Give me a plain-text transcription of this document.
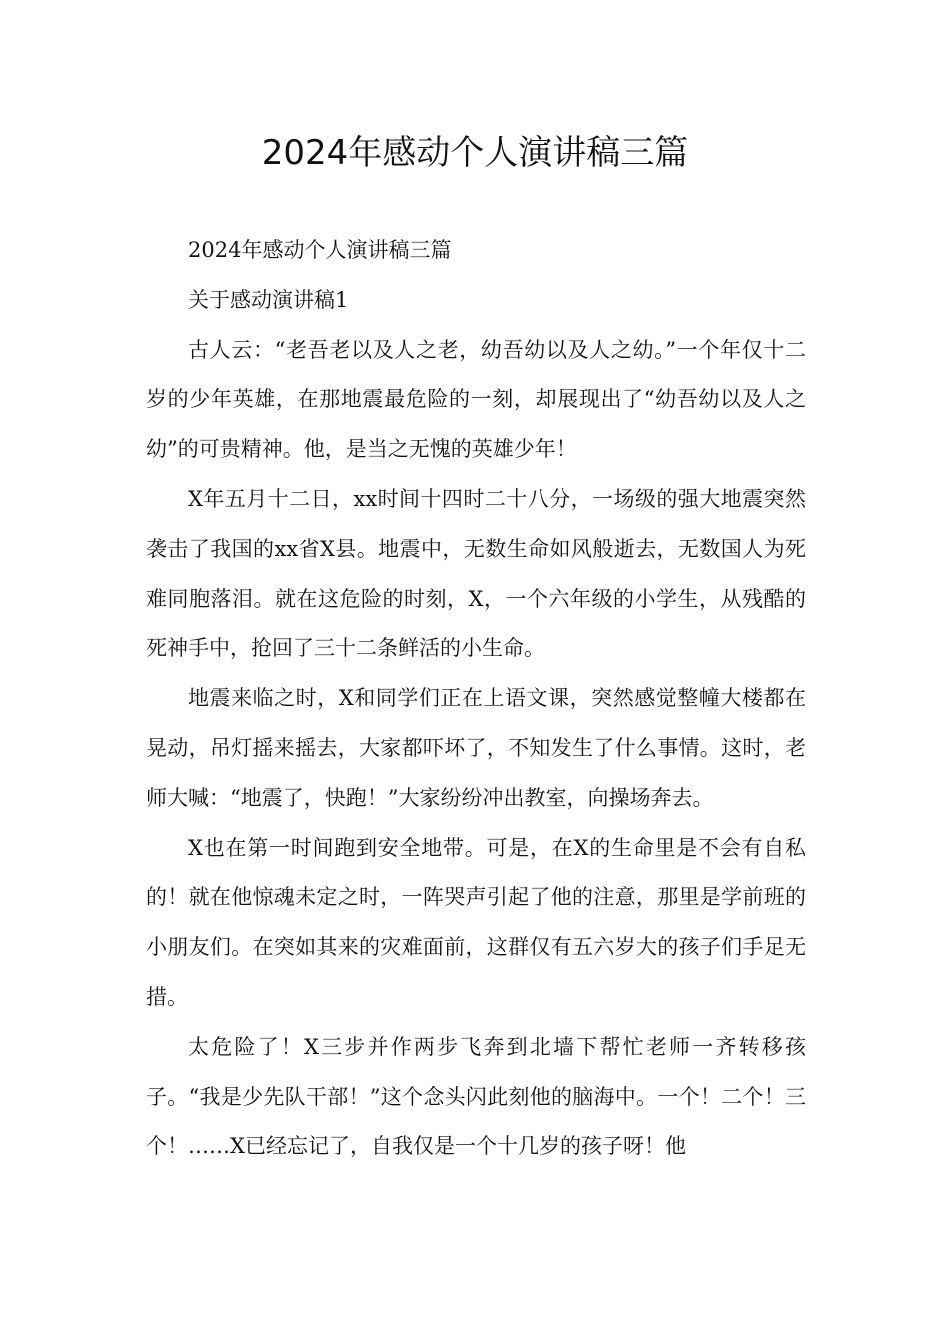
2024年感动个人演讲稿三篇

2024年感动个人演讲稿三篇

关于感动演讲稿1

古人云：“老吾老以及人之老，幼吾幼以及人之幼。”一个年仅十二岁的少年英雄，在那地震最危险的一刻，却展现出了“幼吾幼以及人之幼”的可贵精神。他，是当之无愧的英雄少年！

X年五月十二日，xx时间十四时二十八分，一场级的强大地震突然袭击了我国的xx省X县。地震中，无数生命如风般逝去，无数国人为死难同胞落泪。就在这危险的时刻，X，一个六年级的小学生，从残酷的死神手中，抢回了三十二条鲜活的小生命。

地震来临之时，X和同学们正在上语文课，突然感觉整幢大楼都在晃动，吊灯摇来摇去，大家都吓坏了，不知发生了什么事情。这时，老师大喊：“地震了，快跑！”大家纷纷冲出教室，向操场奔去。

X也在第一时间跑到安全地带。可是，在X的生命里是不会有自私的！就在他惊魂未定之时，一阵哭声引起了他的注意，那里是学前班的小朋友们。在突如其来的灾难面前，这群仅有五六岁大的孩子们手足无措。

太危险了！X三步并作两步飞奔到北墙下帮忙老师一齐转移孩子。“我是少先队干部！”这个念头闪此刻他的脑海中。一个！二个！三个！……X已经忘记了，自我仅是一个十几岁的孩子呀！他
